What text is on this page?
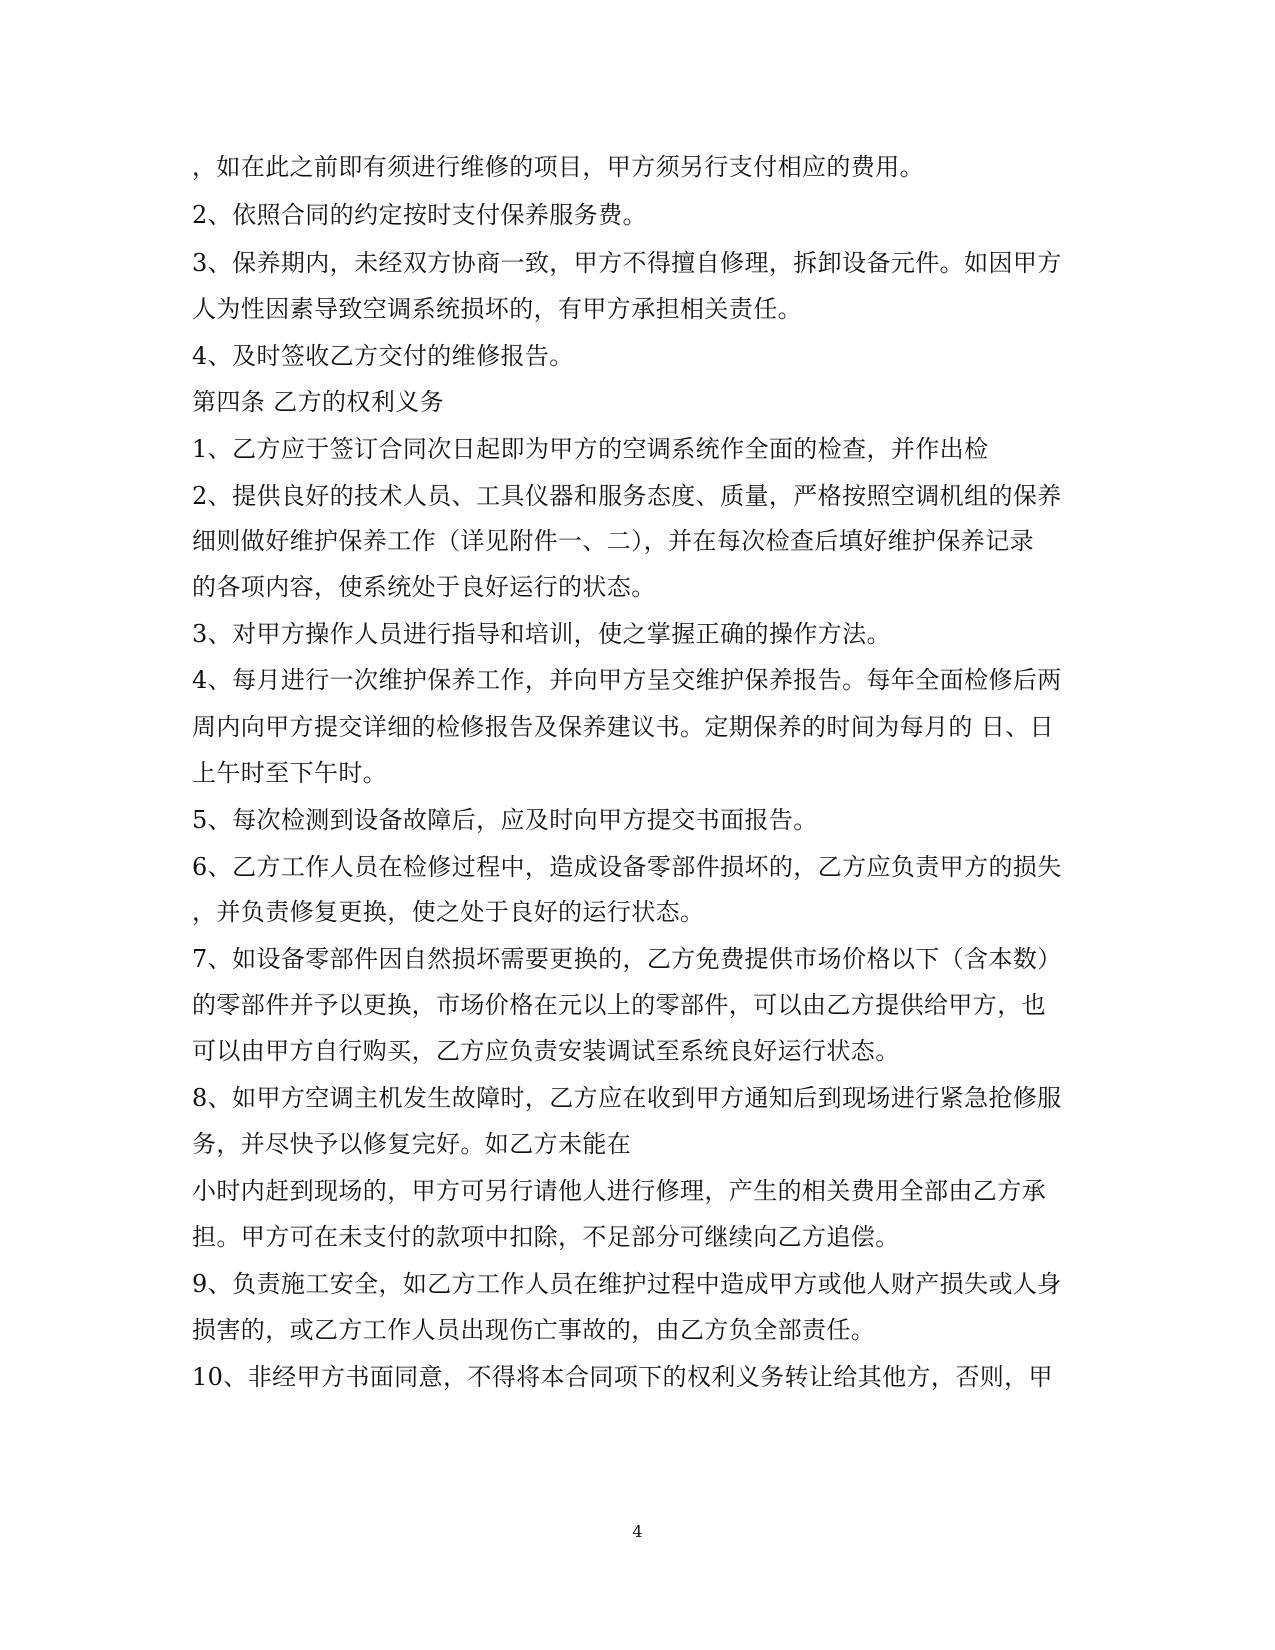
，如在此之前即有须进行维修的项目，甲方须另行支付相应的费用。
2、依照合同的约定按时支付保养服务费。
3、保养期内，未经双方协商一致，甲方不得擅自修理，拆卸设备元件。如因甲方
人为性因素导致空调系统损坏的，有甲方承担相关责任。
4、及时签收乙方交付的维修报告。
第四条 乙方的权利义务
1、乙方应于签订合同次日起即为甲方的空调系统作全面的检查，并作出检
2、提供良好的技术人员、工具仪器和服务态度、质量，严格按照空调机组的保养
细则做好维护保养工作（详见附件一、二），并在每次检查后填好维护保养记录
的各项内容，使系统处于良好运行的状态。
3、对甲方操作人员进行指导和培训，使之掌握正确的操作方法。
4、每月进行一次维护保养工作，并向甲方呈交维护保养报告。每年全面检修后两
周内向甲方提交详细的检修报告及保养建议书。定期保养的时间为每月的 日、日
上午时至下午时。
5、每次检测到设备故障后，应及时向甲方提交书面报告。
6、乙方工作人员在检修过程中，造成设备零部件损坏的，乙方应负责甲方的损失
，并负责修复更换，使之处于良好的运行状态。
7、如设备零部件因自然损坏需要更换的，乙方免费提供市场价格以下（含本数）
的零部件并予以更换，市场价格在元以上的零部件，可以由乙方提供给甲方，也
可以由甲方自行购买，乙方应负责安装调试至系统良好运行状态。
8、如甲方空调主机发生故障时，乙方应在收到甲方通知后到现场进行紧急抢修服
务，并尽快予以修复完好。如乙方未能在
小时内赶到现场的，甲方可另行请他人进行修理，产生的相关费用全部由乙方承
担。甲方可在未支付的款项中扣除，不足部分可继续向乙方追偿。
9、负责施工安全，如乙方工作人员在维护过程中造成甲方或他人财产损失或人身
损害的，或乙方工作人员出现伤亡事故的，由乙方负全部责任。
10、非经甲方书面同意，不得将本合同项下的权利义务转让给其他方，否则，甲
4
